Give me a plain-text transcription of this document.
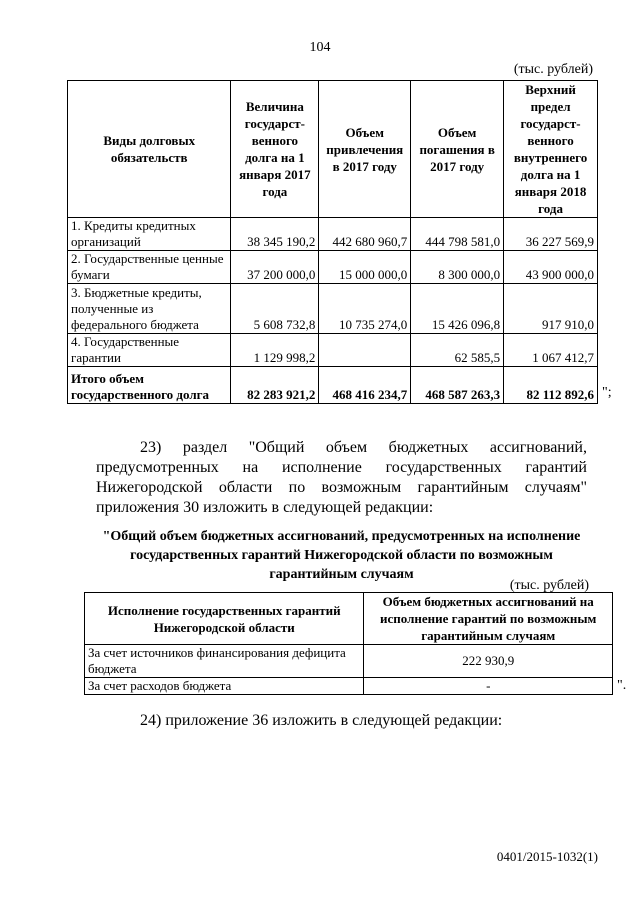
104
(тыс. рублей)
Виды долговых обязательств	Величина государст-венного долга на 1 января 2017 года	Объем привлечения в 2017 году	Объем погашения в 2017 году	Верхний предел государст-венного внутреннего долга на 1 января 2018 года
1. Кредиты кредитных организаций	38 345 190,2	442 680 960,7	444 798 581,0	36 227 569,9
2. Государственные ценные бумаги	37 200 000,0	15 000 000,0	8 300 000,0	43 900 000,0
3. Бюджетные кредиты, полученные из федерального бюджета	5 608 732,8	10 735 274,0	15 426 096,8	917 910,0
4. Государственные гарантии	1 129 998,2		62 585,5	1 067 412,7
Итого объем государственного долга	82 283 921,2	468 416 234,7	468 587 263,3	82 112 892,6 ";
23) раздел "Общий объем бюджетных ассигнований, предусмотренных на исполнение государственных гарантий Нижегородской области по возможным гарантийным случаям" приложения 30 изложить в следующей редакции:
"Общий объем бюджетных ассигнований, предусмотренных на исполнение государственных гарантий Нижегородской области по возможным гарантийным случаям
(тыс. рублей)
Исполнение государственных гарантий Нижегородской области	Объем бюджетных ассигнований на исполнение гарантий по возможным гарантийным случаям
За счет источников финансирования дефицита бюджета	222 930,9
За счет расходов бюджета	-	".
24) приложение 36 изложить в следующей редакции:
0401/2015-1032(1)
